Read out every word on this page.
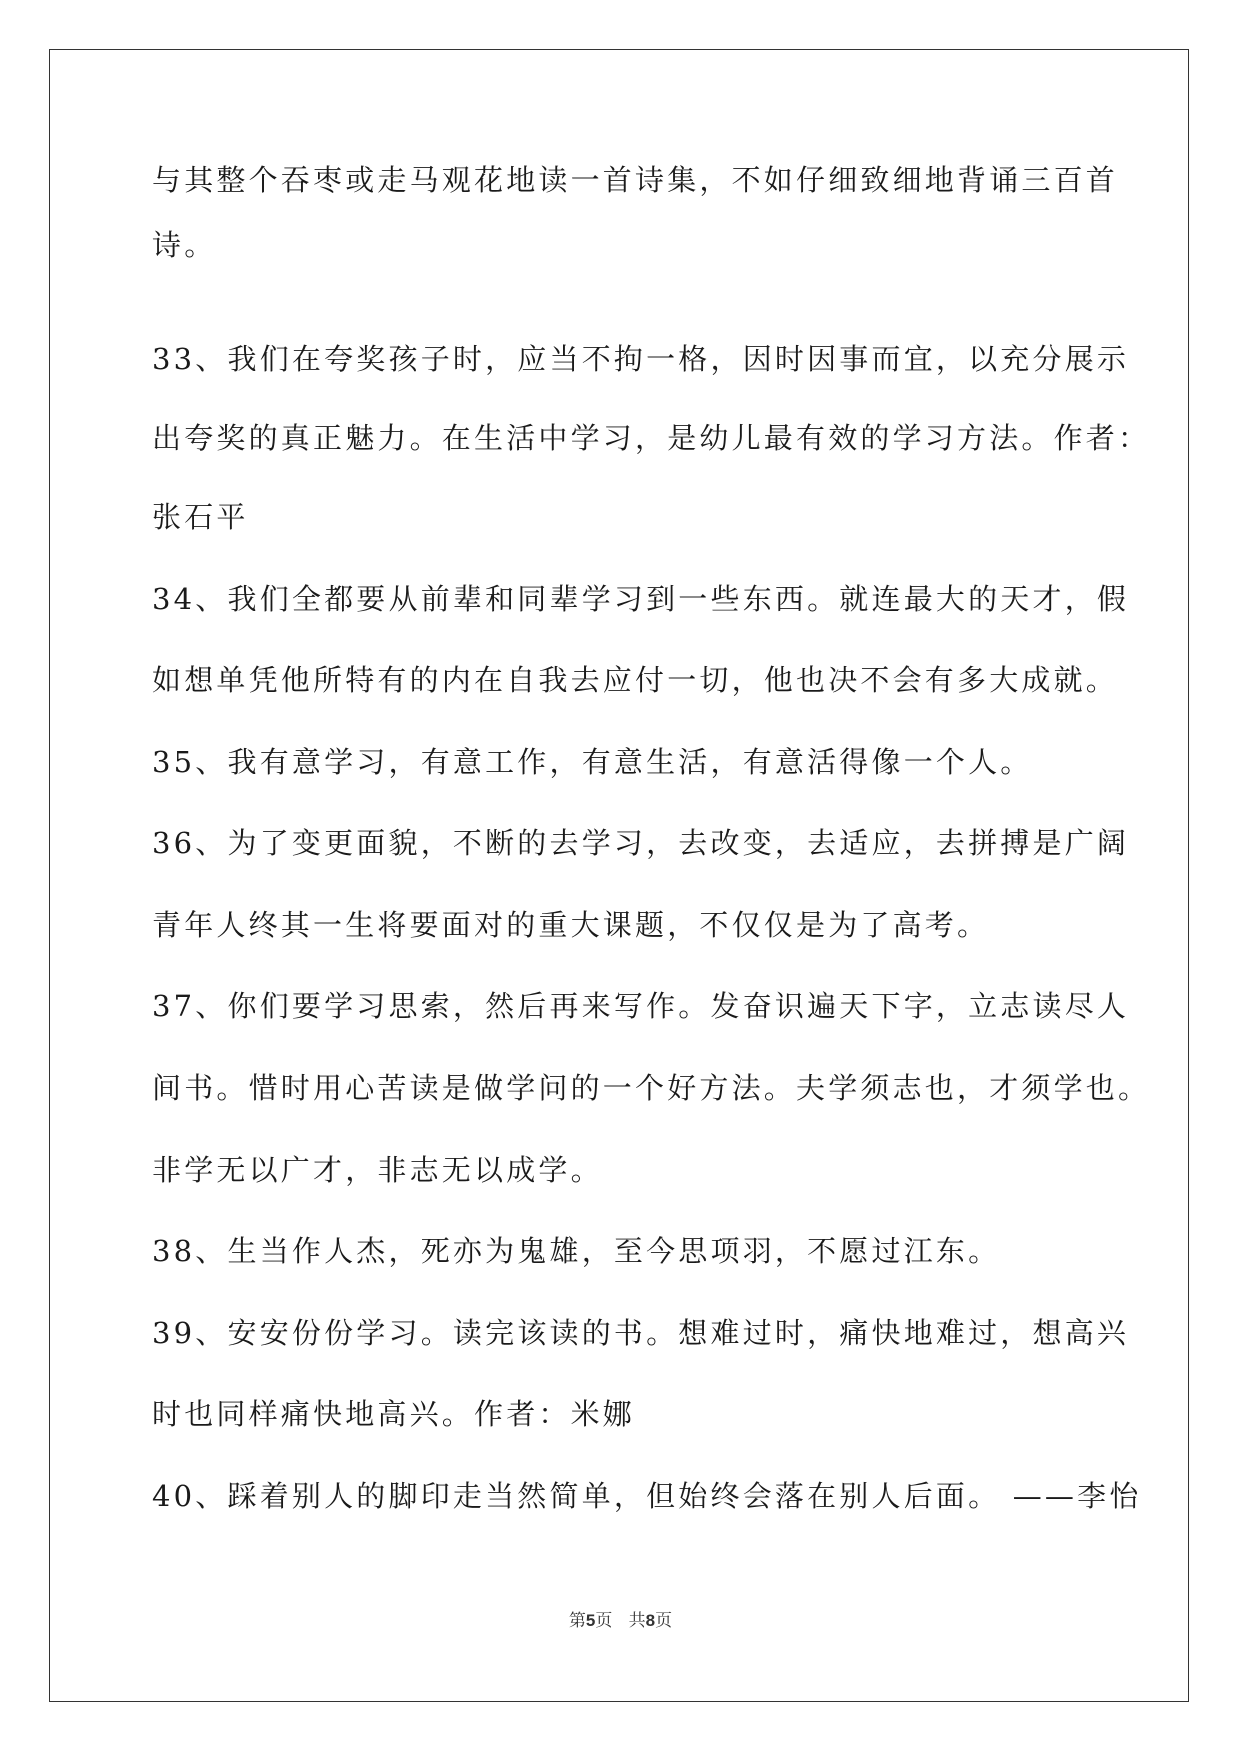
与其整个吞枣或走马观花地读一首诗集，不如仔细致细地背诵三百首
诗。
33、我们在夸奖孩子时，应当不拘一格，因时因事而宜，以充分展示
出夸奖的真正魅力。在生活中学习，是幼儿最有效的学习方法。作者：
张石平
34、我们全都要从前辈和同辈学习到一些东西。就连最大的天才，假
如想单凭他所特有的内在自我去应付一切，他也决不会有多大成就。
35、我有意学习，有意工作，有意生活，有意活得像一个人。
36、为了变更面貌，不断的去学习，去改变，去适应，去拼搏是广阔
青年人终其一生将要面对的重大课题，不仅仅是为了高考。
37、你们要学习思索，然后再来写作。发奋识遍天下字，立志读尽人
间书。惜时用心苦读是做学问的一个好方法。夫学须志也，才须学也。
非学无以广才，非志无以成学。
38、生当作人杰，死亦为鬼雄，至今思项羽，不愿过江东。
39、安安份份学习。读完该读的书。想难过时，痛快地难过，想高兴
时也同样痛快地高兴。作者：米娜
40、踩着别人的脚印走当然简单，但始终会落在别人后面。 ——李怡
第5页 共8页
